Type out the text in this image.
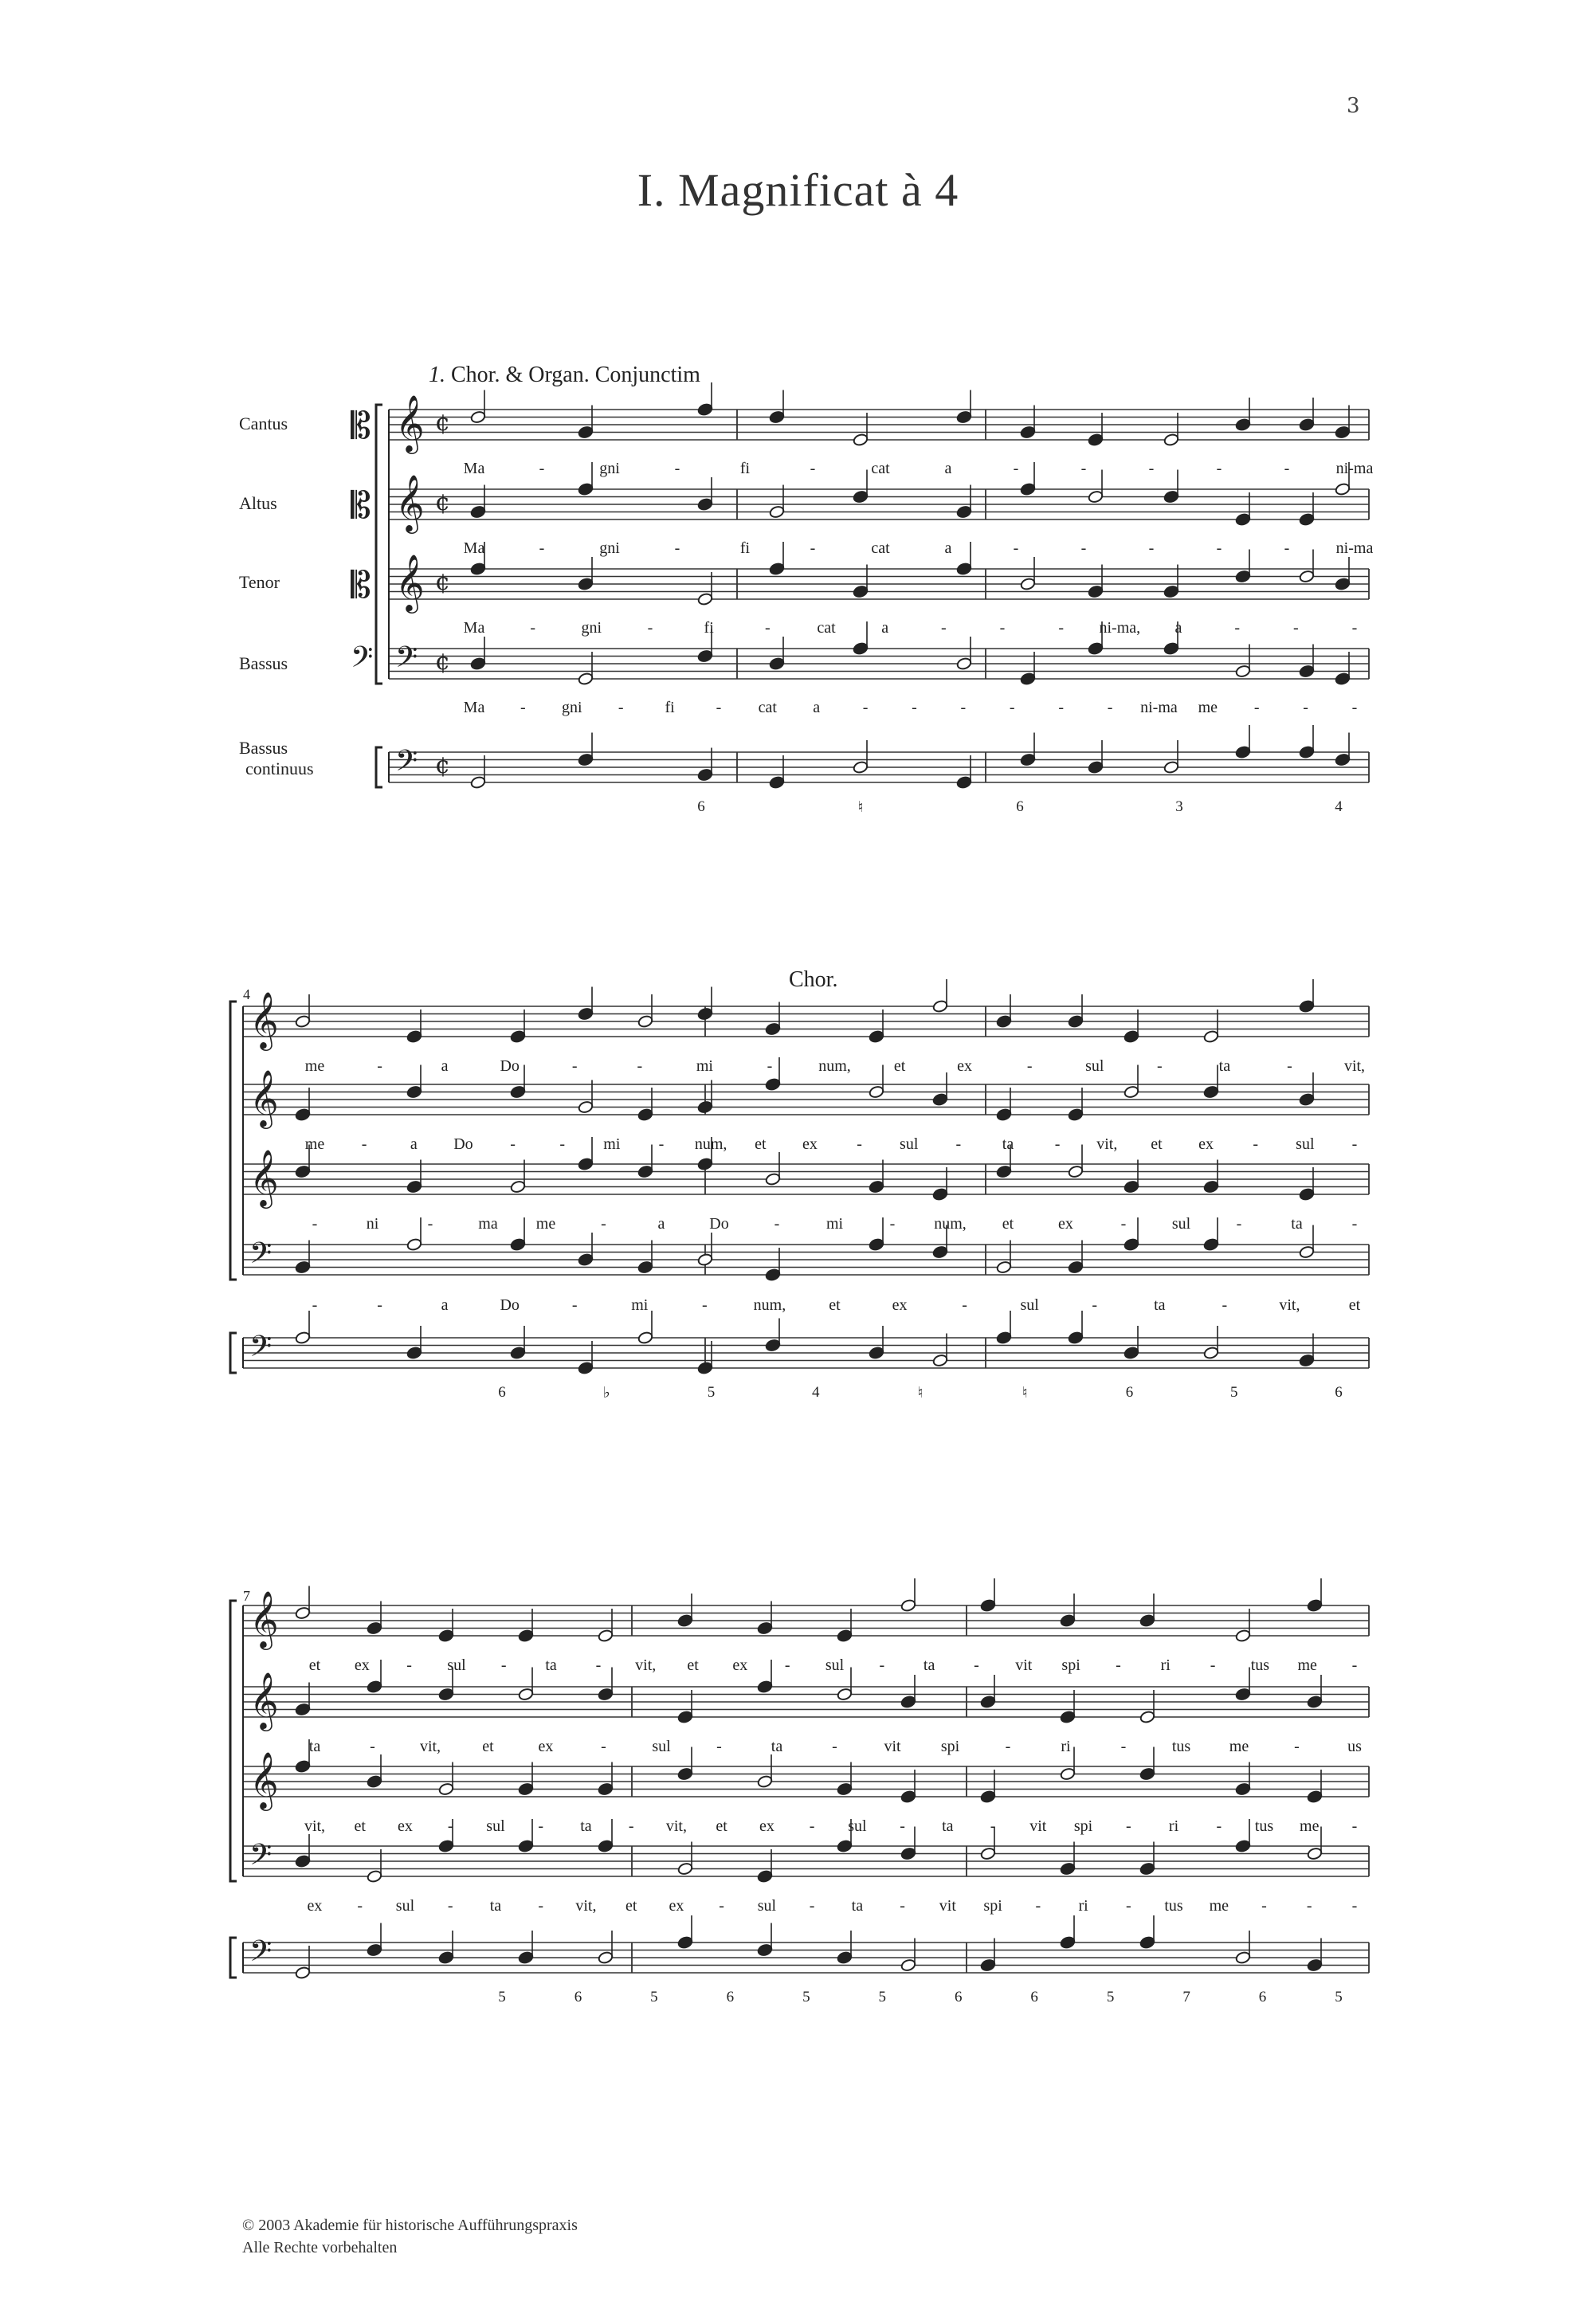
3
I. Magnificat à 4
1. Chor. & Organ. Conjunctim
Cantus
Altus
Tenor
Bassus
Bassus
continuus
Chor.
4
7
𝄞 ¢
𝄞 ¢
𝄞 ¢
𝄢 ¢
𝄢 ¢
𝄡
𝄡
𝄡
𝄢
𝄞
𝄞
𝄞
𝄢
𝄢
𝄞
𝄞
𝄞
𝄢
𝄢
Ma	-	gni	-	fi	-	cat	a	-	-	-	-	-	ni-ma
Ma	-	gni	-	fi	-	cat	a	-	-	-	-	-	ni-ma
Ma	-	gni	-	fi	-	cat	a	-	-	- ni-ma, a	-	-	-
Ma - gni -	fi	- cat a	-	-	-	-	-	- ni-ma me -	-	-
me	-	a	Do	-	-	mi	-	num,	et	ex	-	sul	-	ta	-	vit,
me -	a Do -	- mi - num, et ex - sul -	ta	- vit, et ex - sul -
-	ni	-	ma me	-	a	Do	-	mi	- num, et	ex	-	sul	-	ta	-
-	-	a	Do	-	mi	-	num,	et	ex	-	sul	-	ta	-	vit,	et
et ex - sul - ta - vit, et ex - sul - ta - vit spi - ri - tus me -
ta	-	vit,	et	ex	-	sul	-	ta	-	vit	spi	-	ri	-	tus me	-	us
vit, et ex - sul - ta - vit, et ex - sul - ta - vit spi - ri - tus me -
ex - sul - ta - vit, et ex - sul - ta - vit spi - ri - tus me -	-	-
6	♮	6	3	4
6	♭	5	4	♮	♮	6	5	6
5	6	5	6	5	5	6	6	5	7	6	5
© 2003 Akademie für historische Aufführungspraxis
Alle Rechte vorbehalten
